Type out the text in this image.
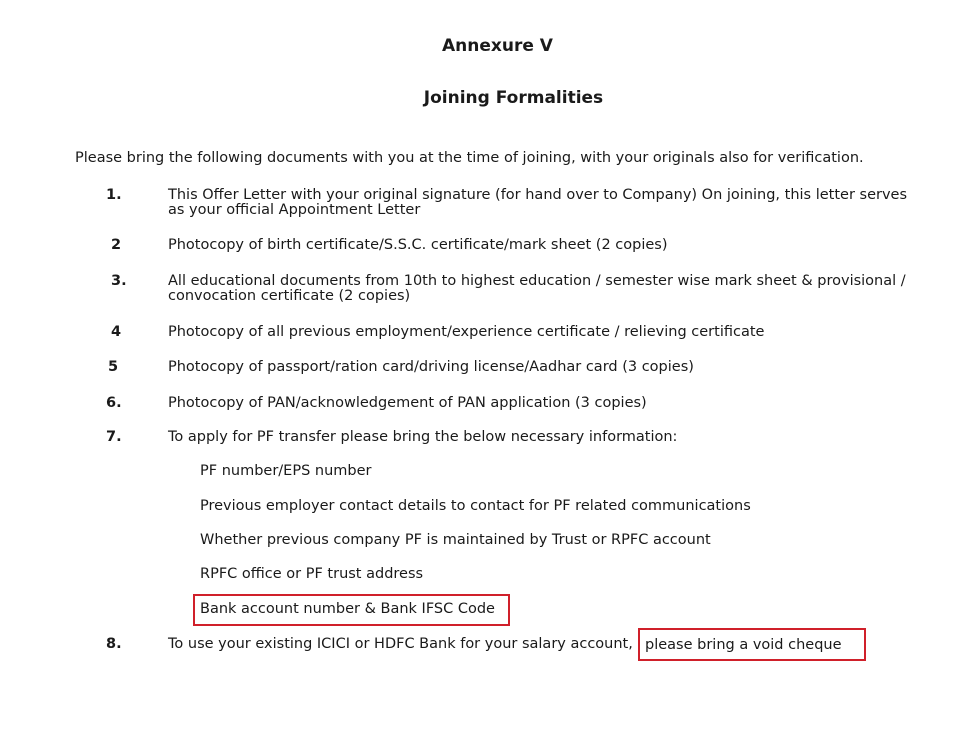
Annexure V
Joining Formalities

Please bring the following documents with you at the time of joining, with your originals also for verification.

1.	This Offer Letter with your original signature (for hand over to Company) On joining, this letter serves as your official Appointment Letter
2	Photocopy of birth certificate/S.S.C. certificate/mark sheet (2 copies)
3.	All educational documents from 10th to highest education / semester wise mark sheet & provisional / convocation certificate (2 copies)
4	Photocopy of all previous employment/experience certificate / relieving certificate
5	Photocopy of passport/ration card/driving license/Aadhar card (3 copies)
6.	Photocopy of PAN/acknowledgement of PAN application (3 copies)
7.	To apply for PF transfer please bring the below necessary information:
PF number/EPS number
Previous employer contact details to contact for PF related communications
Whether previous company PF is maintained by Trust or RPFC account
RPFC office or PF trust address
Bank account number & Bank IFSC Code
8.	To use your existing ICICI or HDFC Bank for your salary account, please bring a void cheque
